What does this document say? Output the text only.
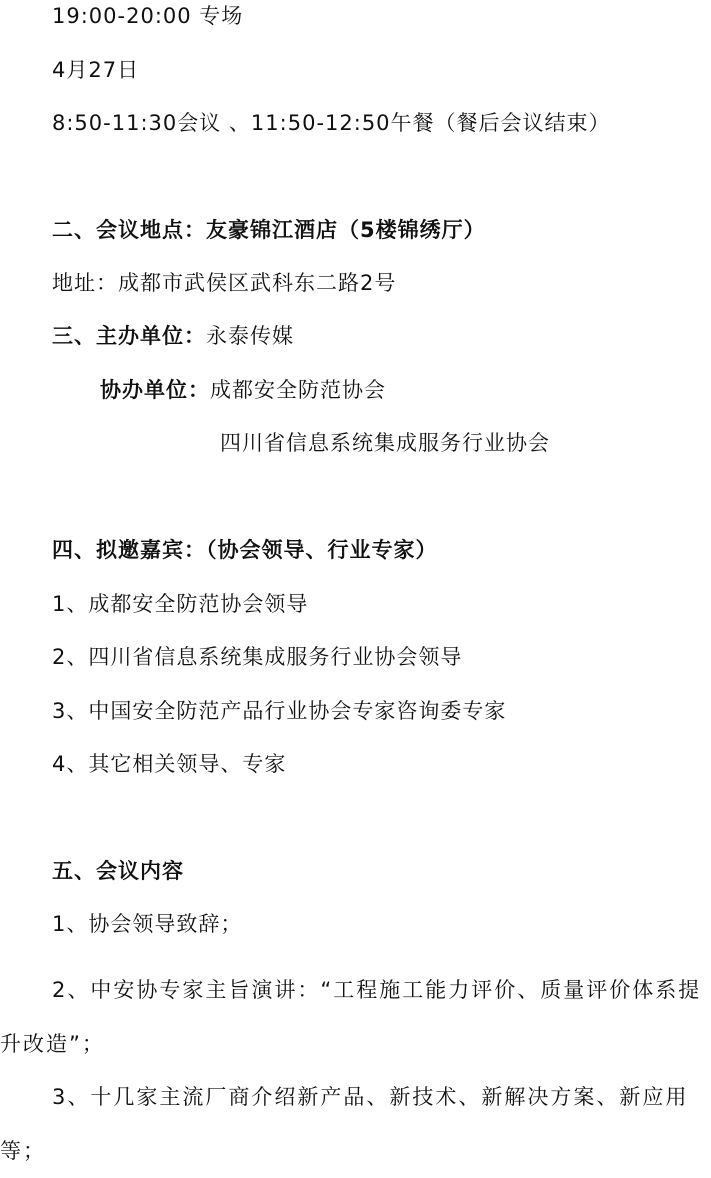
19:00-20:00 专场
4月27日
8:50-11:30会议 、11:50-12:50午餐（餐后会议结束）
二、会议地点：友豪锦江酒店（5楼锦绣厅）
地址：成都市武侯区武科东二路2号
三、主办单位：永泰传媒
协办单位：成都安全防范协会
四川省信息系统集成服务行业协会
四、拟邀嘉宾：（协会领导、行业专家）
1、成都安全防范协会领导
2、四川省信息系统集成服务行业协会领导
3、中国安全防范产品行业协会专家咨询委专家
4、其它相关领导、专家
五、会议内容
1、协会领导致辞；
2、中安协专家主旨演讲：“工程施工能力评价、质量评价体系提升改造”；
3、十几家主流厂商介绍新产品、新技术、新解决方案、新应用等；
